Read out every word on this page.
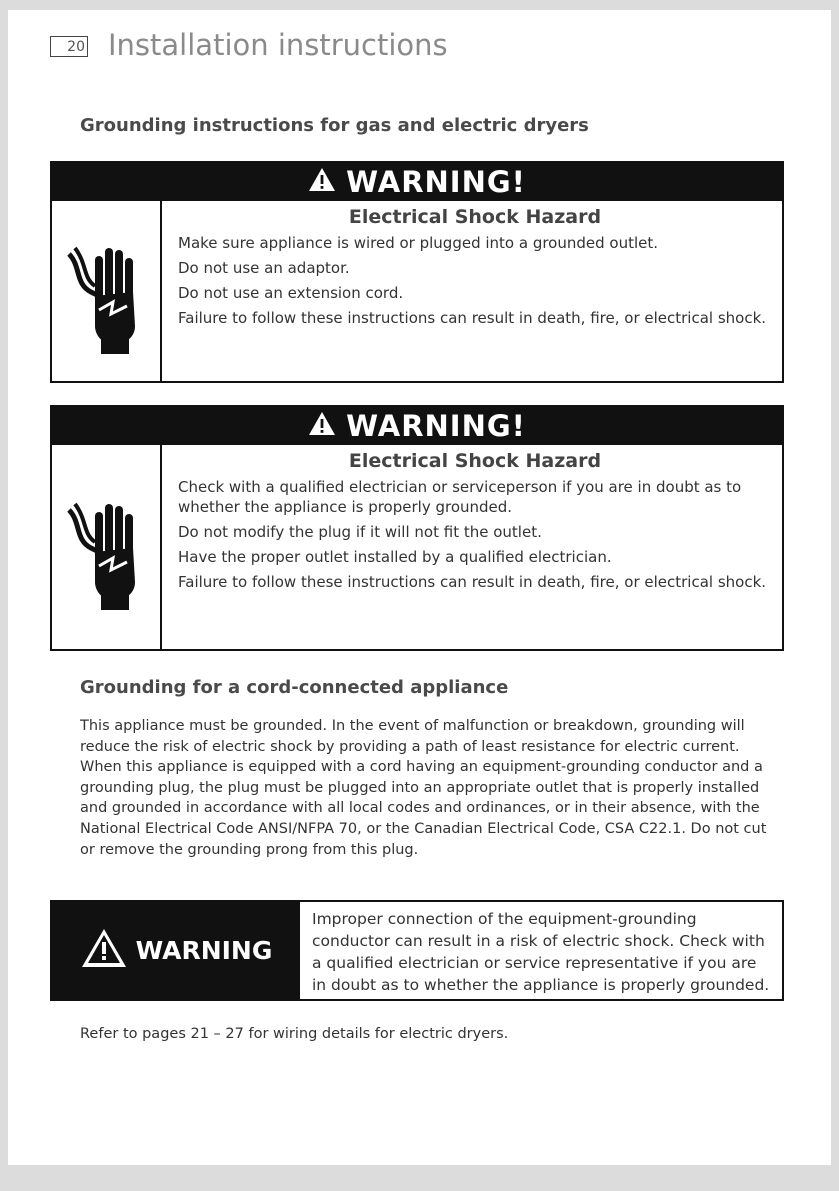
20 Installation instructions
Grounding instructions for gas and electric dryers
WARNING!
Electrical Shock Hazard
Make sure appliance is wired or plugged into a grounded outlet.
Do not use an adaptor.
Do not use an extension cord.
Failure to follow these instructions can result in death, fire, or electrical shock.
WARNING!
Electrical Shock Hazard
Check with a qualified electrician or serviceperson if you are in doubt as to whether the appliance is properly grounded.
Do not modify the plug if it will not fit the outlet.
Have the proper outlet installed by a qualified electrician.
Failure to follow these instructions can result in death, fire, or electrical shock.
Grounding for a cord-connected appliance
This appliance must be grounded. In the event of malfunction or breakdown, grounding will reduce the risk of electric shock by providing a path of least resistance for electric current. When this appliance is equipped with a cord having an equipment-grounding conductor and a grounding plug, the plug must be plugged into an appropriate outlet that is properly installed and grounded in accordance with all local codes and ordinances, or in their absence, with the National Electrical Code ANSI/NFPA 70, or the Canadian Electrical Code, CSA C22.1. Do not cut or remove the grounding prong from this plug.
WARNING
Improper connection of the equipment-grounding conductor can result in a risk of electric shock. Check with a qualified electrician or service representative if you are in doubt as to whether the appliance is properly grounded.
Refer to pages 21 – 27 for wiring details for electric dryers.
